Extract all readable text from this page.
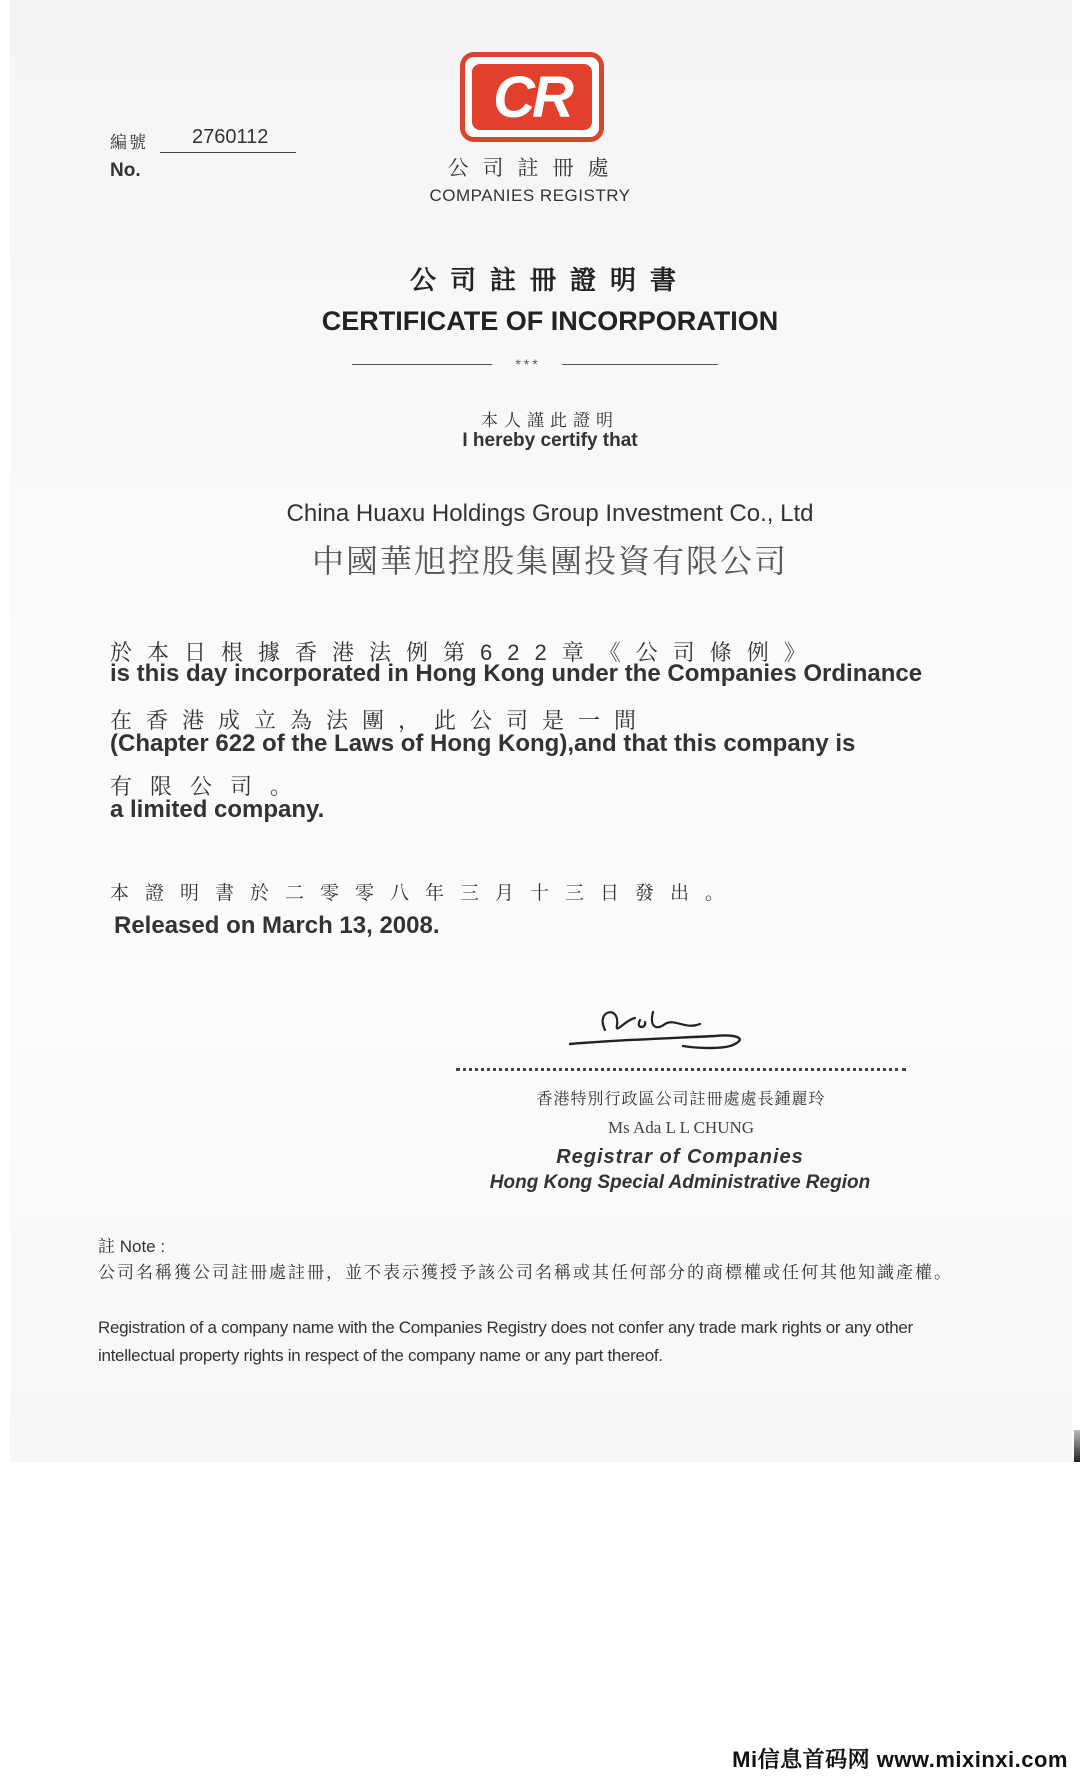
編號
No.
2760112
CR
公司註冊處
COMPANIES REGISTRY
公司註冊證明書
CERTIFICATE OF INCORPORATION
***
本人謹此證明
I hereby certify that
China Huaxu Holdings Group Investment Co., Ltd
中國華旭控股集團投資有限公司
於本日根據香港法例第622章《公司條例》
is this day incorporated in Hong Kong under the Companies Ordinance
在香港成立為法團，此公司是一間
(Chapter 622 of the Laws of Hong Kong),and that this company is
有限公司。
a limited company.
本證明書於二零零八年三月十三日發出。
Released on March 13, 2008.
香港特別行政區公司註冊處處長鍾麗玲
Ms Ada L L CHUNG
Registrar of Companies
Hong Kong Special Administrative Region
註 Note :
公司名稱獲公司註冊處註冊，並不表示獲授予該公司名稱或其任何部分的商標權或任何其他知識產權。
Registration of a company name with the Companies Registry does not confer any trade mark rights or any other intellectual property rights in respect of the company name or any part thereof.
Mi信息首码网 www.mixinxi.com
